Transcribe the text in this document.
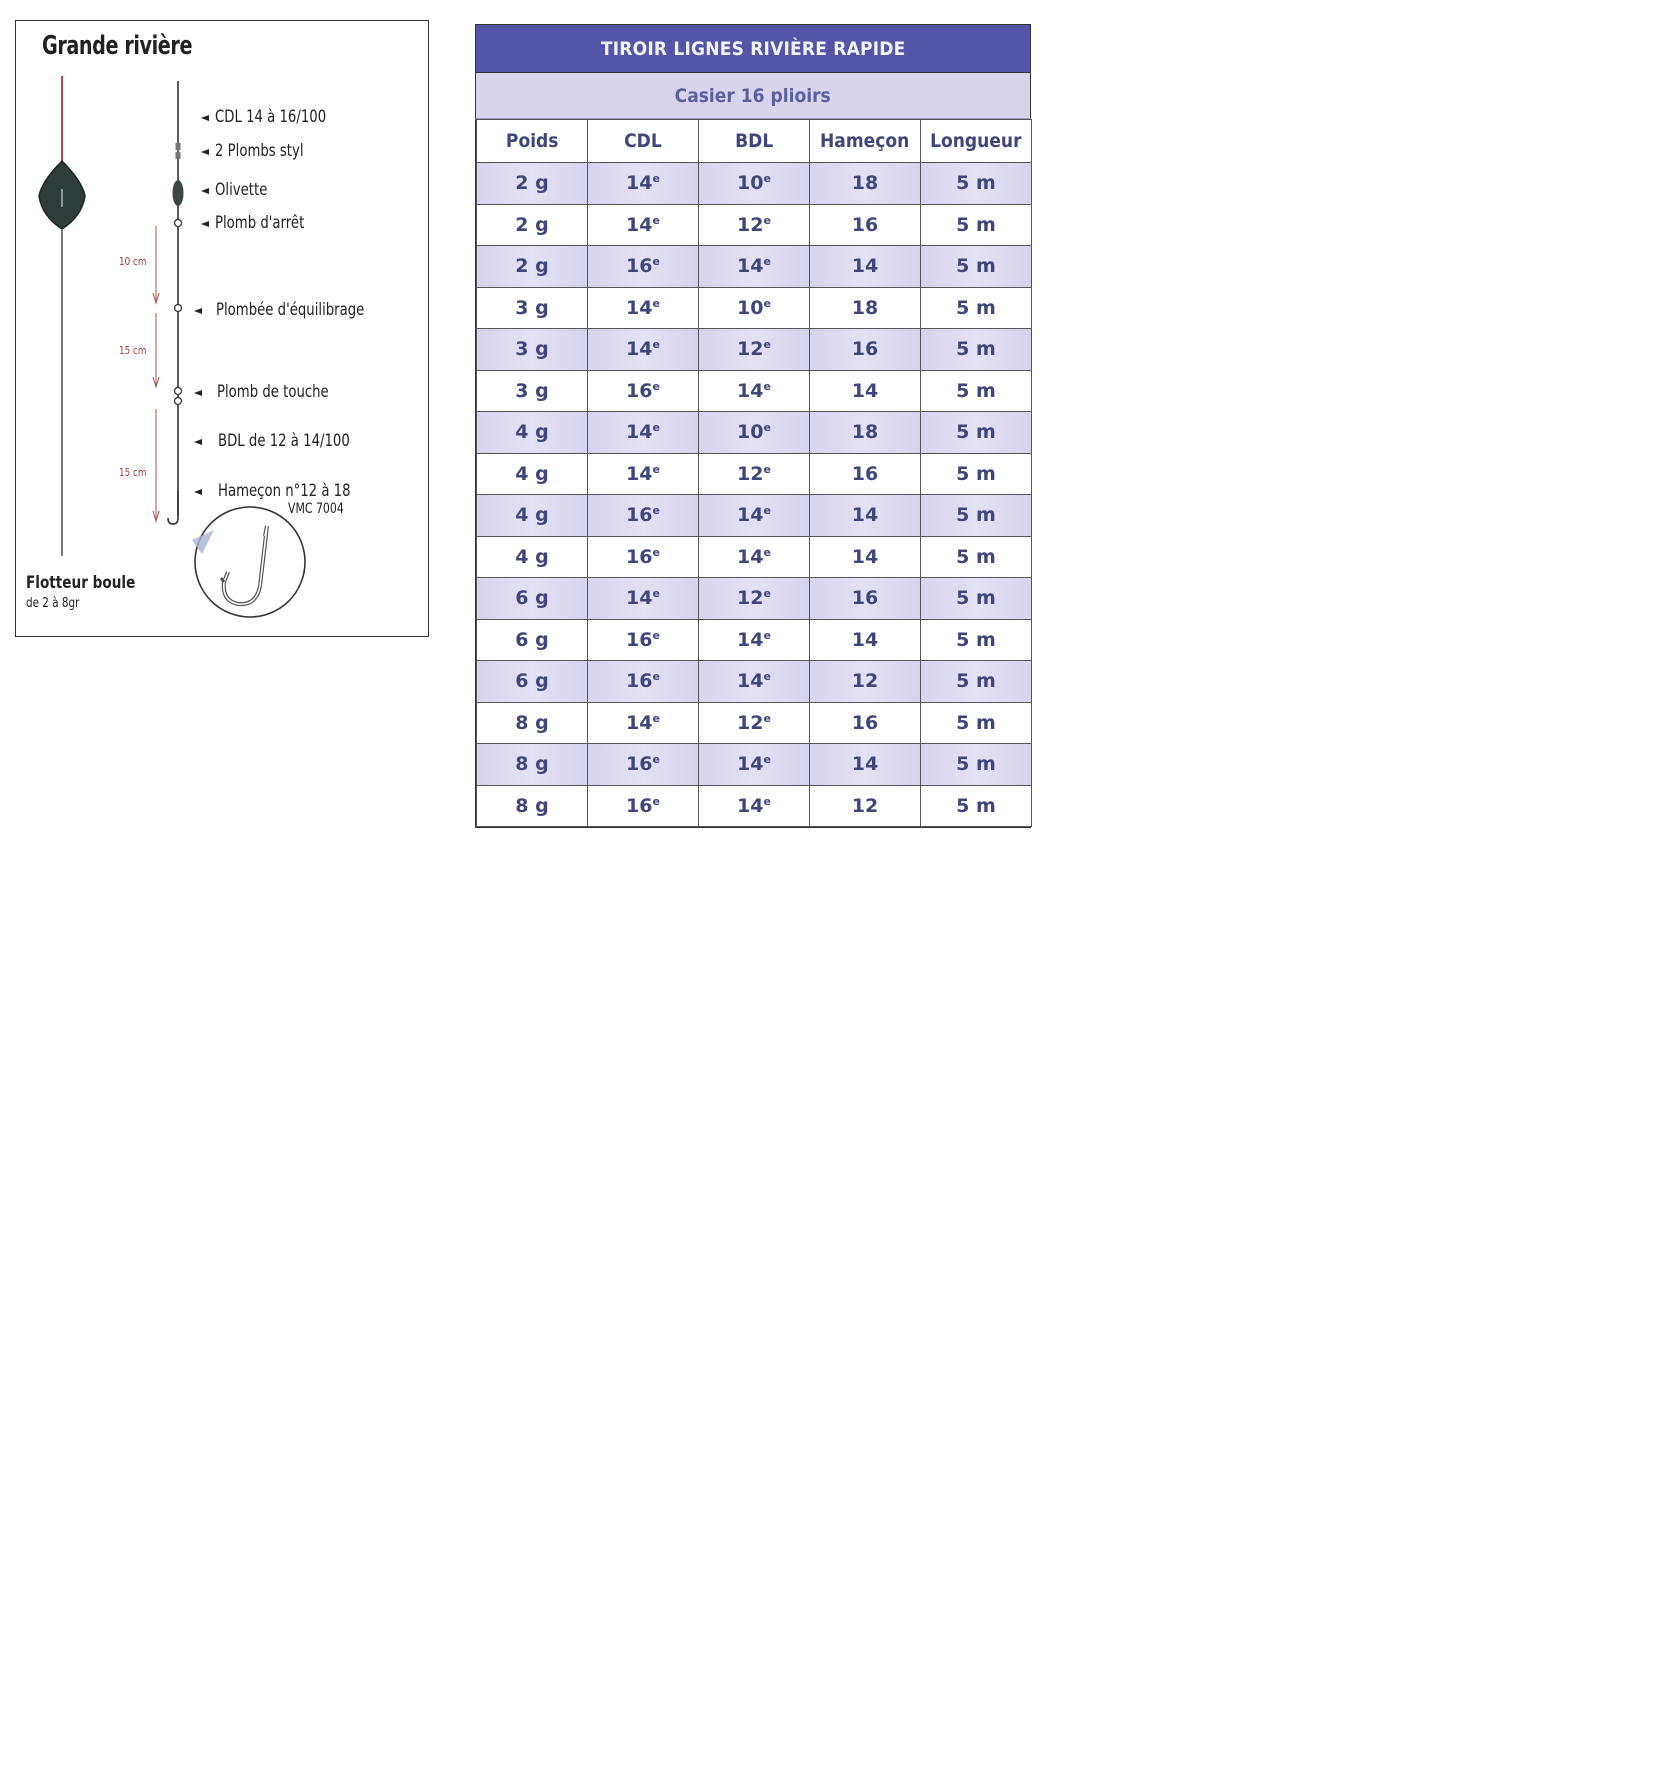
Grande rivière
CDL 14 à 16/100
2 Plombs styl
Olivette
Plomb d'arrêt
Plombée d'équilibrage
Plomb de touche
BDL de 12 à 14/100
Hameçon n°12 à 18
VMC 7004
10 cm
15 cm
15 cm
Flotteur boule
de 2 à 8gr
TIROIR LIGNES RIVIÈRE RAPIDE
Casier 16 plioirs
Poids	CDL	BDL	Hameçon	Longueur
2 g	14e	10e	18	5 m
2 g	14e	12e	16	5 m
2 g	16e	14e	14	5 m
3 g	14e	10e	18	5 m
3 g	14e	12e	16	5 m
3 g	16e	14e	14	5 m
4 g	14e	10e	18	5 m
4 g	14e	12e	16	5 m
4 g	16e	14e	14	5 m
4 g	16e	14e	14	5 m
6 g	14e	12e	16	5 m
6 g	16e	14e	14	5 m
6 g	16e	14e	12	5 m
8 g	14e	12e	16	5 m
8 g	16e	14e	14	5 m
8 g	16e	14e	12	5 m
